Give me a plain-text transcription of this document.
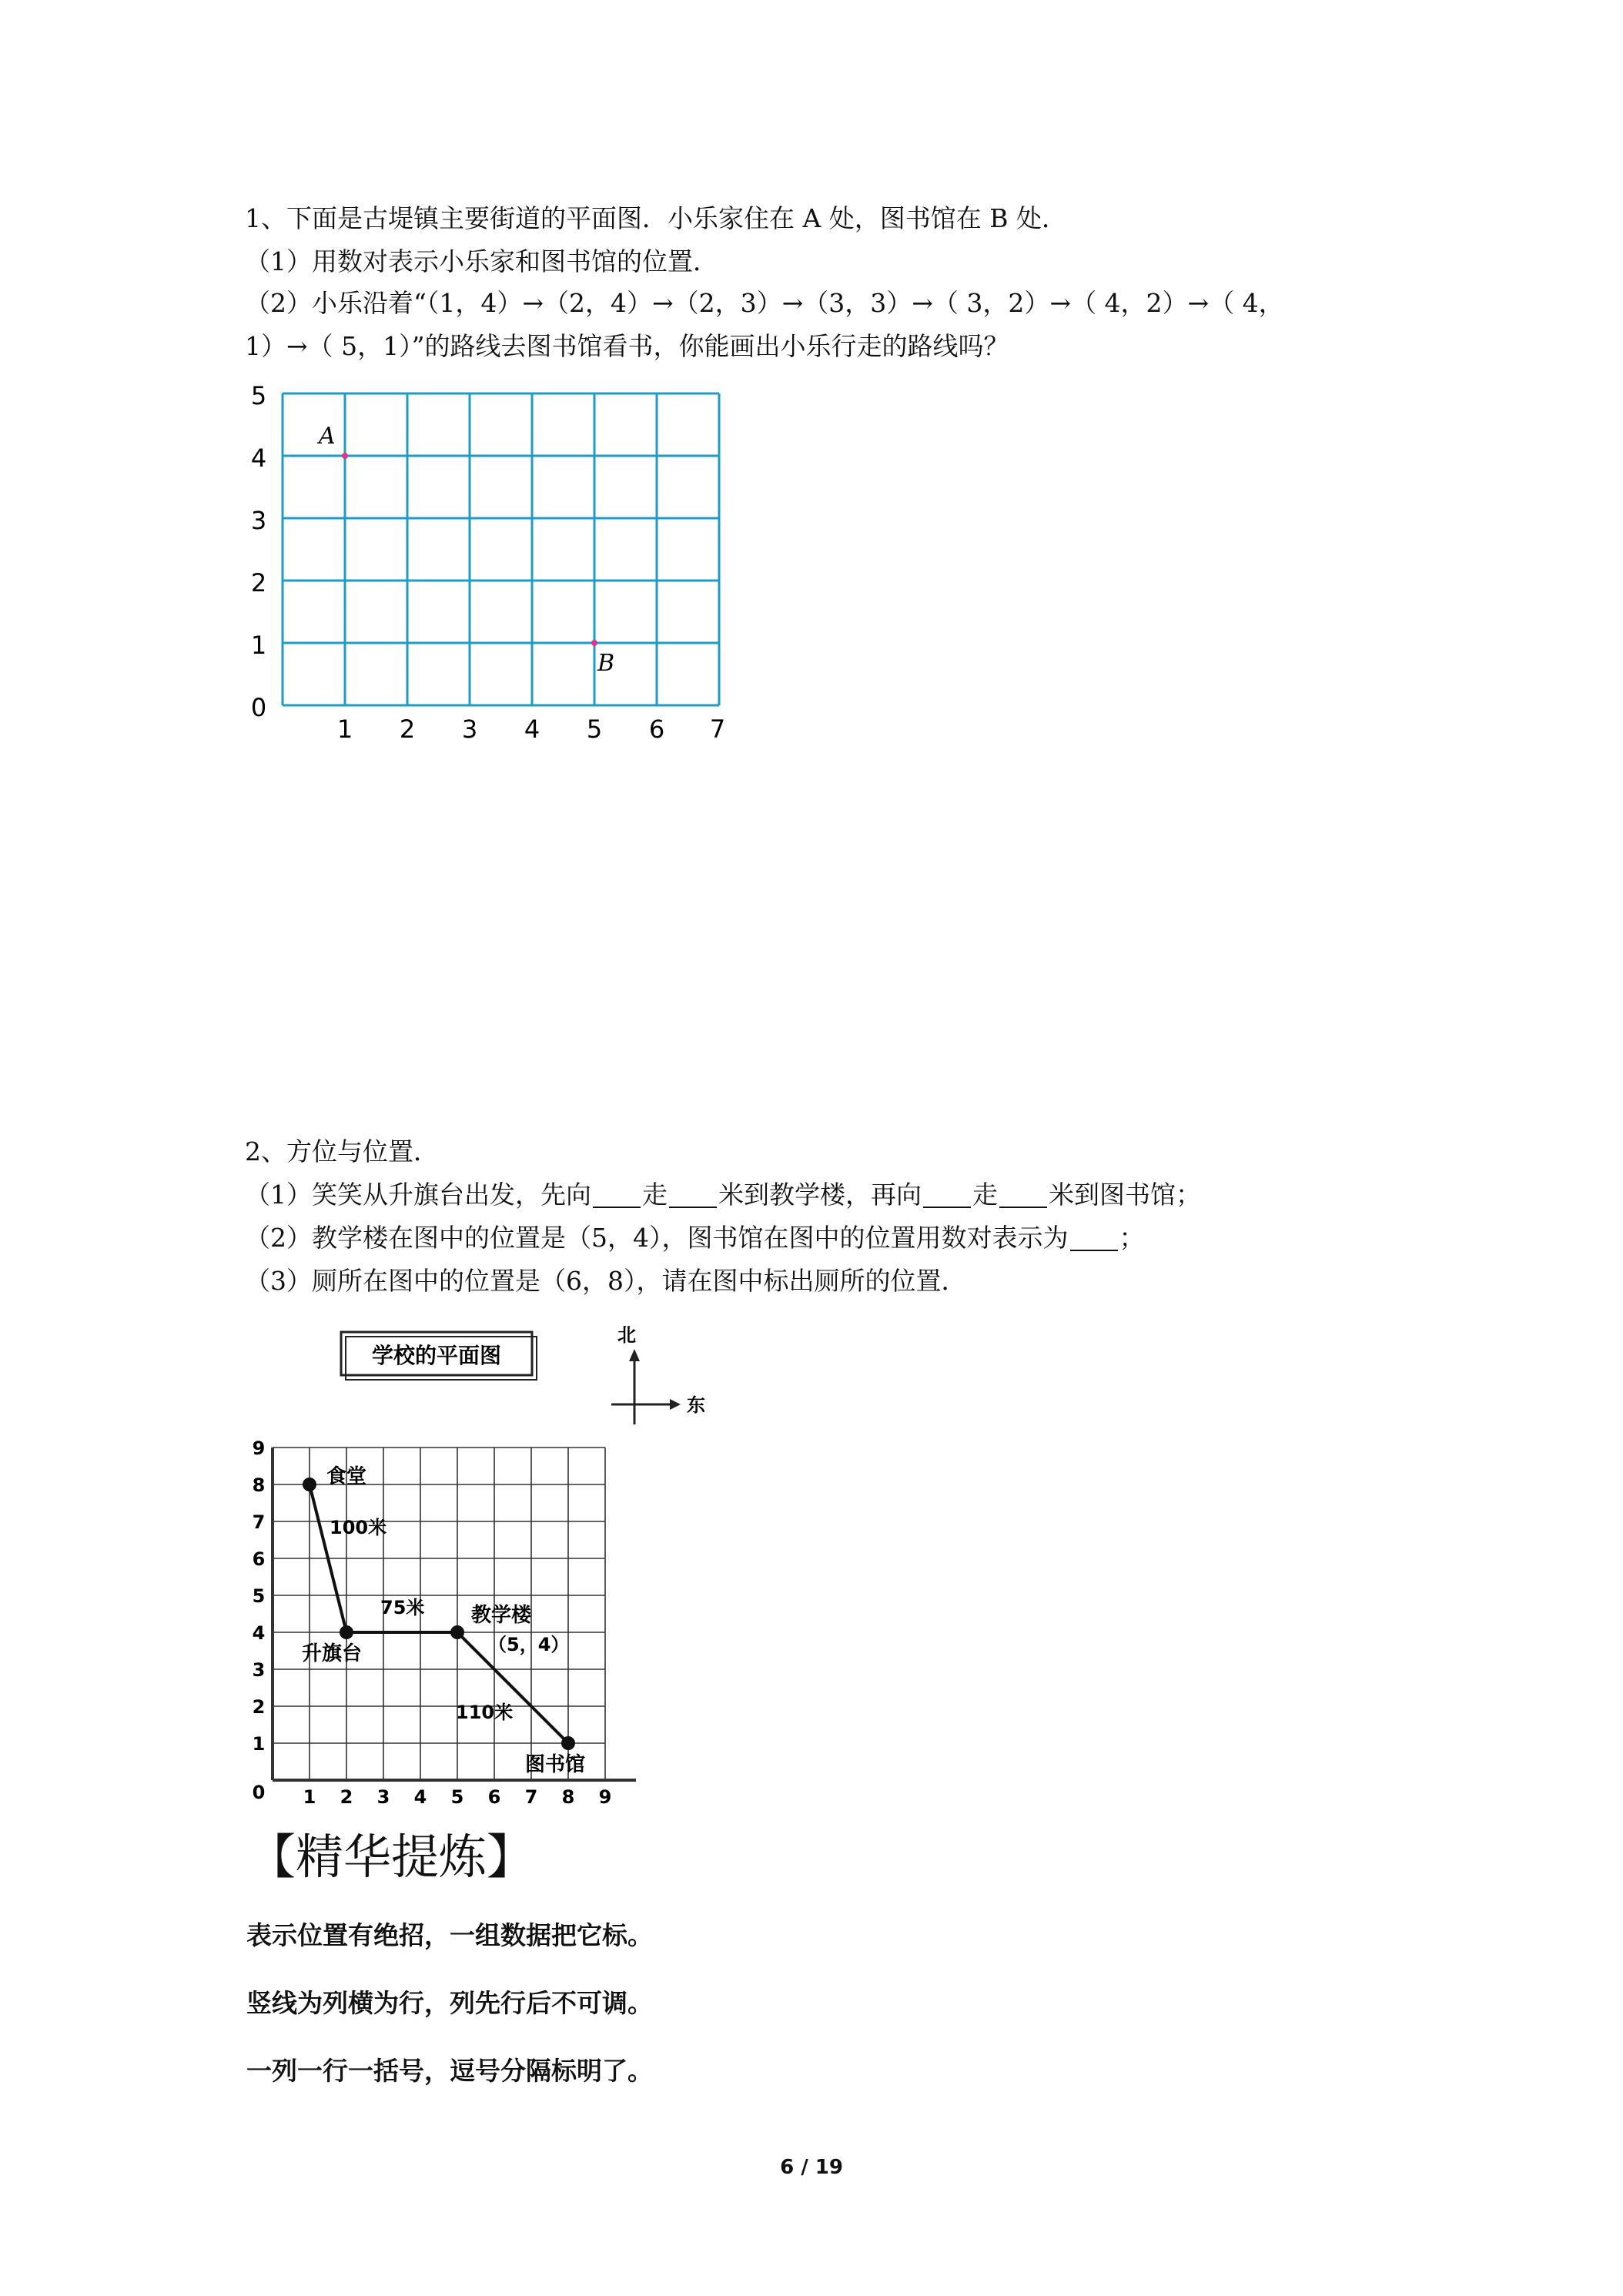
1、下面是古堤镇主要街道的平面图．小乐家住在 A 处，图书馆在 B 处．

（1）用数对表示小乐家和图书馆的位置．

（2）小乐沿着“（1，4）→（2，4）→（2，3）→（3，3）→（ 3，2）→（ 4，2）→（ 4，

1）→（ 5，1）”的路线去图书馆看书，你能画出小乐行走的路线吗？

5
4
3
2
1
0
1 2 3 4 5 6 7
A
B

2、方位与位置．

（1）笑笑从升旗台出发，先向 走 米到教学楼，再向 走 米到图书馆；

（2）教学楼在图中的位置是（5，4），图书馆在图中的位置用数对表示为 ；

（3）厕所在图中的位置是（6，8），请在图中标出厕所的位置．

学校的平面图
北
东
1 2 3 4 5 6 7 8 9
1
2
3
4
5
6
7
8
9
0
食堂
升旗台
教学楼
图书馆
100米
75米
110米
（5，4）
【精华提炼】

表示位置有绝招，一组数据把它标。

竖线为列横为行，列先行后不可调。

一列一行一括号，逗号分隔标明了。

6 / 19
